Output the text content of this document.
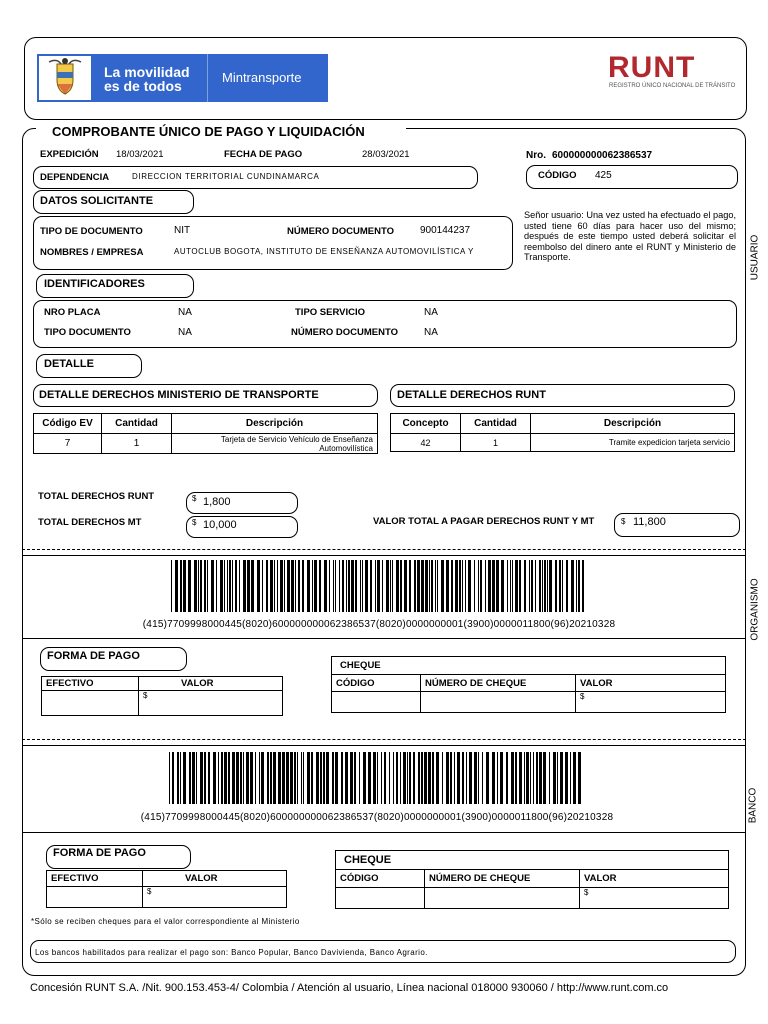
La movilidad
es de todos
Mintransporte	RUNT
REGISTRO ÚNICO NACIONAL DE TRÁNSITO
COMPROBANTE ÚNICO DE PAGO Y LIQUIDACIÓN
EXPEDICIÓN 18/03/2021	FECHA DE PAGO	28/03/2021	Nro. 600000000062386537
DEPENDENCIA	DIRECCION TERRITORIAL CUNDINAMARCA	CÓDIGO 425
DATOS SOLICITANTE
TIPO DE DOCUMENTO	NIT	NÚMERO DOCUMENTO	900144237
NOMBRES / EMPRESA	AUTOCLUB BOGOTA, INSTITUTO DE ENSEÑANZA AUTOMOVILÍSTICA Y
Señor usuario: Una vez usted ha efectuado el pago, usted tiene 60 días para hacer uso del mismo; después de este tiempo usted deberá solicitar el reembolso del dinero ante el RUNT y Ministerio de Transporte.
IDENTIFICADORES
NRO PLACA	NA	TIPO SERVICIO	NA
TIPO DOCUMENTO	NA	NÚMERO DOCUMENTO	NA
DETALLE
DETALLE DERECHOS MINISTERIO DE TRANSPORTE	DETALLE DERECHOS RUNT
Código EV	Cantidad	Descripción
7	1	Tarjeta de Servicio Vehículo de Enseñanza Automovilística
Concepto	Cantidad	Descripción
42	1	Tramite expedicion tarjeta servicio
TOTAL DERECHOS RUNT	$ 1,800
TOTAL DERECHOS MT	$ 10,000	VALOR TOTAL A PAGAR DERECHOS RUNT Y MT	$ 11,800
USUARIO
(415)7709998000445(8020)600000000062386537(8020)0000000001(3900)0000011800(96)20210328	ORGANISMO
FORMA DE PAGO
EFECTIVO	VALOR
	$
CHEQUE		
CÓDIGO	NÚMERO DE CHEQUE	VALOR
		$
(415)7709998000445(8020)600000000062386537(8020)0000000001(3900)0000011800(96)20210328	BANCO
FORMA DE PAGO
EFECTIVO	VALOR
	$
CHEQUE		
CÓDIGO	NÚMERO DE CHEQUE	VALOR
		$
*Sólo se reciben cheques para el valor correspondiente al Ministerio
Los bancos habilitados para realizar el pago son: Banco Popular, Banco Davivienda, Banco Agrario.
Concesión RUNT S.A. /Nit. 900.153.453-4/ Colombia / Atención al usuario, Línea nacional 018000 930060 / http://www.runt.com.co
